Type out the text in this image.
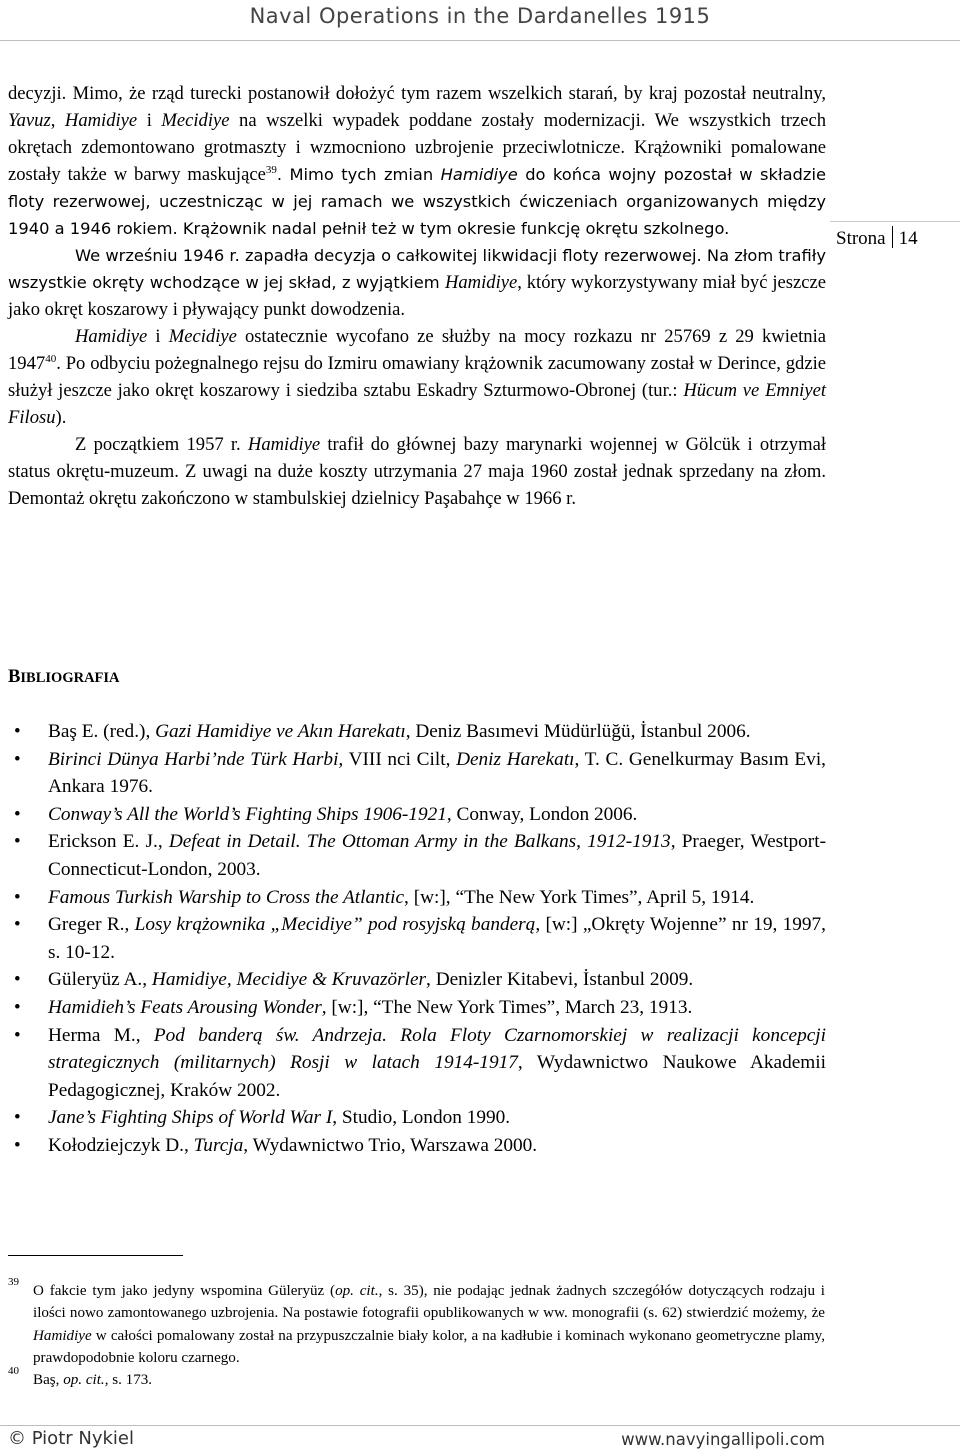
Naval Operations in the Dardanelles 1915
Strona 14

decyzji. Mimo, że rząd turecki postanowił dołożyć tym razem wszelkich starań, by kraj pozostał neutralny, Yavuz, Hamidiye i Mecidiye na wszelki wypadek poddane zostały modernizacji. We wszystkich trzech okrętach zdemontowano grotmaszty i wzmocniono uzbrojenie przeciwlotnicze. Krążowniki pomalowane zostały także w barwy maskujące$^{39}$. Mimo tych zmian Hamidiye do końca wojny pozostał w składzie floty rezerwowej, uczestnicząc w jej ramach we wszystkich ćwiczeniach organizowanych między 1940 a 1946 rokiem. Krążownik nadal pełnił też w tym okresie funkcję okrętu szkolnego.

We wrześniu 1946 r. zapadła decyzja o całkowitej likwidacji floty rezerwowej. Na złom trafiły wszystkie okręty wchodzące w jej skład, z wyjątkiem Hamidiye, który wykorzystywany miał być jeszcze jako okręt koszarowy i pływający punkt dowodzenia.

Hamidiye i Mecidiye ostatecznie wycofano ze służby na mocy rozkazu nr 25769 z 29 kwietnia 1947$^{40}$. Po odbyciu pożegnalnego rejsu do Izmiru omawiany krążownik zacumowany został w Derince, gdzie służył jeszcze jako okręt koszarowy i siedziba sztabu Eskadry Szturmowo-Obronej (tur.: Hücum ve Emniyet Filosu).

Z początkiem 1957 r. Hamidiye trafił do głównej bazy marynarki wojennej w Gölcük i otrzymał status okrętu-muzeum. Z uwagi na duże koszty utrzymania 27 maja 1960 został jednak sprzedany na złom. Demontaż okrętu zakończono w stambulskiej dzielnicy Paşabahçe w 1966 r.

BIBLIOGRAFIA
• Baş E. (red.), Gazi Hamidiye ve Akın Harekatı, Deniz Basımevi Müdürlüğü, İstanbul 2006.
• Birinci Dünya Harbi’nde Türk Harbi, VIII nci Cilt, Deniz Harekatı, T. C. Genelkurmay Basım Evi, Ankara 1976.
• Conway’s All the World’s Fighting Ships 1906-1921, Conway, London 2006.
• Erickson E. J., Defeat in Detail. The Ottoman Army in the Balkans, 1912-1913, Praeger, Westport-Connecticut-London, 2003.
• Famous Turkish Warship to Cross the Atlantic, [w:], “The New York Times”, April 5, 1914.
• Greger R., Losy krążownika „Mecidiye” pod rosyjską banderą, [w:] „Okręty Wojenne” nr 19, 1997, s. 10-12.
• Güleryüz A., Hamidiye, Mecidiye & Kruvazörler, Denizler Kitabevi, İstanbul 2009.
• Hamidieh’s Feats Arousing Wonder, [w:], “The New York Times”, March 23, 1913.
• Herma M., Pod banderą św. Andrzeja. Rola Floty Czarnomorskiej w realizacji koncepcji strategicznych (militarnych) Rosji w latach 1914-1917, Wydawnictwo Naukowe Akademii Pedagogicznej, Kraków 2002.
• Jane’s Fighting Ships of World War I, Studio, London 1990.
• Kołodziejczyk D., Turcja, Wydawnictwo Trio, Warszawa 2000.

39
O fakcie tym jako jedyny wspomina Güleryüz (op. cit., s. 35), nie podając jednak żadnych szczegółów dotyczących rodzaju i ilości nowo zamontowanego uzbrojenia. Na postawie fotografii opublikowanych w ww. monografii (s. 62) stwierdzić możemy, że Hamidiye w całości pomalowany został na przypuszczalnie biały kolor, a na kadłubie i kominach wykonano geometryczne plamy, prawdopodobnie koloru czarnego.

40
Baş, op. cit., s. 173.

© Piotr Nykiel	www.navyingallipoli.com
